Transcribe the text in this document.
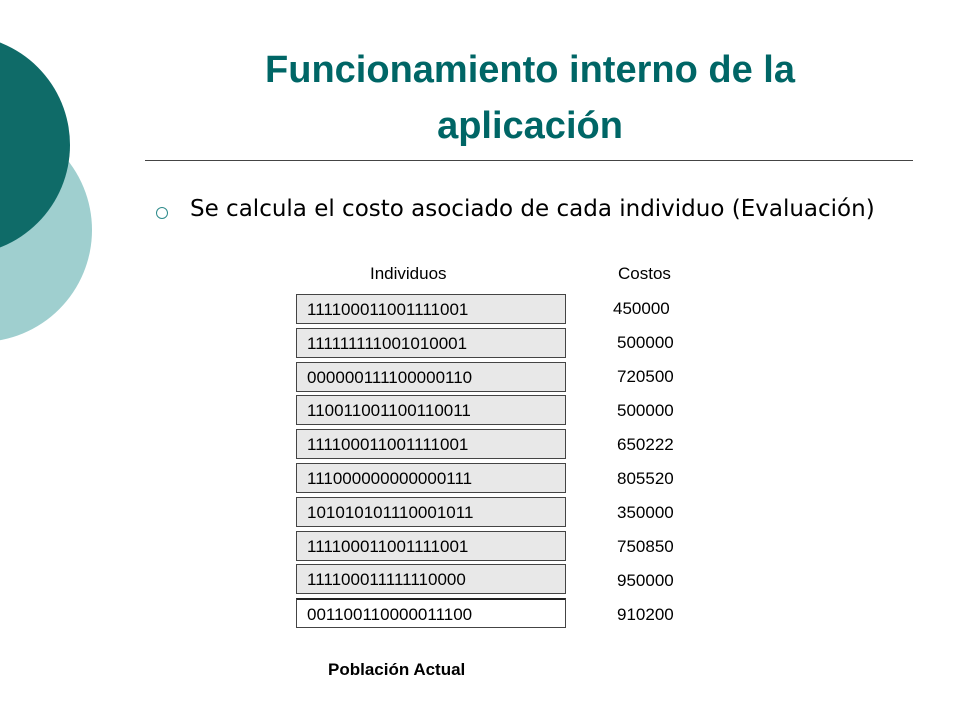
Funcionamiento interno de la
aplicación
Se calcula el costo asociado de cada individuo (Evaluación)
Individuos	Costos
111100011001111001
111111111001010001
000000111100000110
110011001100110011
111100011001111001
111000000000000111
101010101110001011
111100011001111001
111100011111110000
001100110000011100
450000
500000
720500
500000
650222
805520
350000
750850
950000
910200
Población Actual
